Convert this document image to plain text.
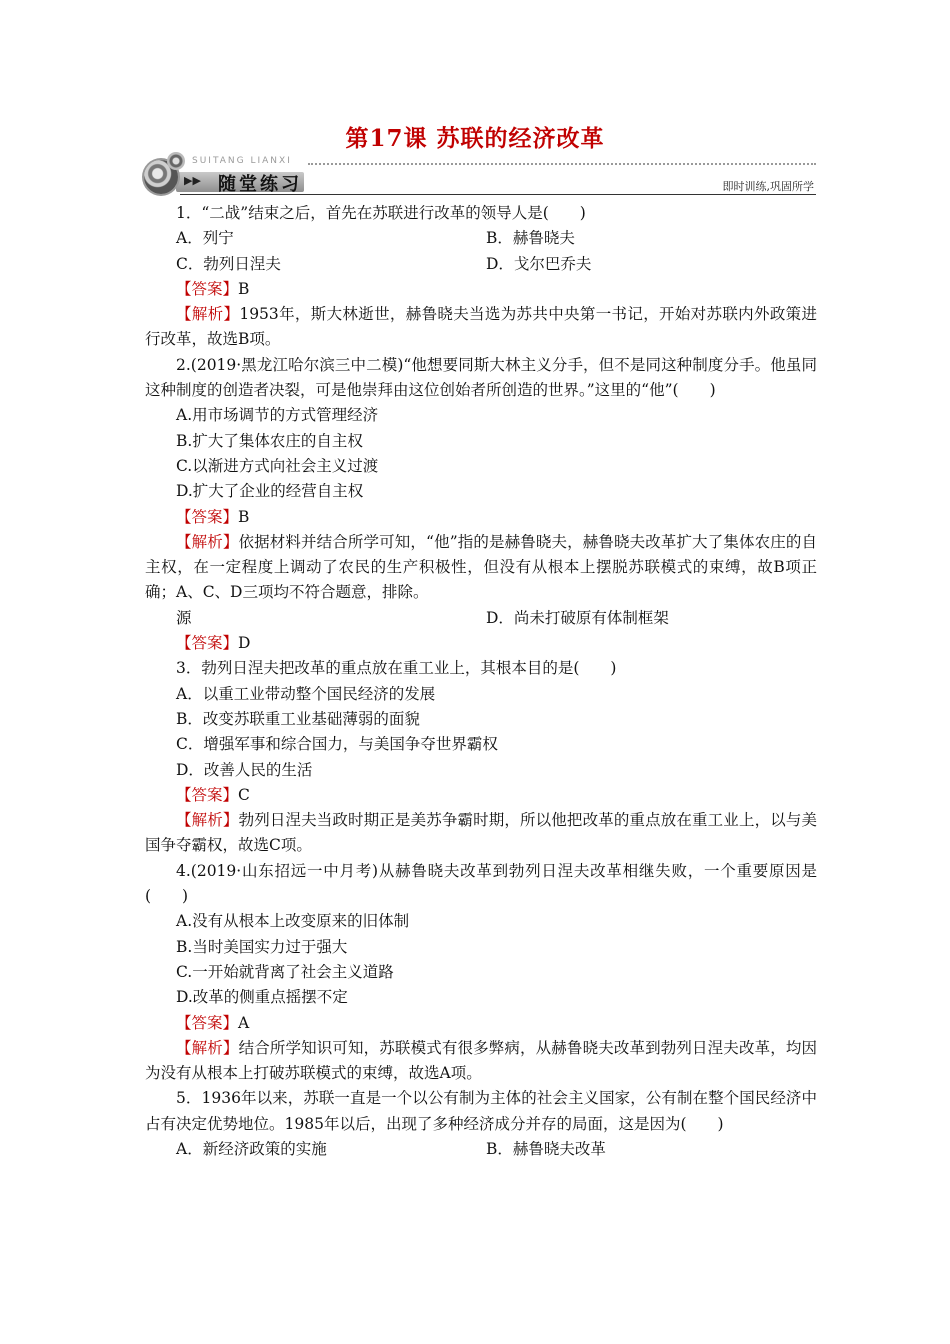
第17课 苏联的经济改革
SUITANG LIANXI
▶▶ 随堂练习	即时训练,巩固所学

1．“二战”结束之后，首先在苏联进行改革的领导人是(　　)

A．列宁	B．赫鲁晓夫
C．勃列日涅夫	D．戈尔巴乔夫

【答案】B

【解析】1953年，斯大林逝世，赫鲁晓夫当选为苏共中央第一书记，开始对苏联内外政策进行改革，故选B项。

2.(2019·黑龙江哈尔滨三中二模)“他想要同斯大林主义分手，但不是同这种制度分手。他虽同这种制度的创造者决裂，可是他崇拜由这位创始者所创造的世界。”这里的“他”(　　)

A.用市场调节的方式管理经济

B.扩大了集体农庄的自主权

C.以渐进方式向社会主义过渡

D.扩大了企业的经营自主权

【答案】B

【解析】依据材料并结合所学可知，“他”指的是赫鲁晓夫，赫鲁晓夫改革扩大了集体农庄的自主权，在一定程度上调动了农民的生产积极性，但没有从根本上摆脱苏联模式的束缚，故B项正确；A、C、D三项均不符合题意，排除。

源	D．尚未打破原有体制框架

【答案】D

3．勃列日涅夫把改革的重点放在重工业上，其根本目的是(　　)

A．以重工业带动整个国民经济的发展

B．改变苏联重工业基础薄弱的面貌

C．增强军事和综合国力，与美国争夺世界霸权

D．改善人民的生活

【答案】C

【解析】勃列日涅夫当政时期正是美苏争霸时期，所以他把改革的重点放在重工业上，以与美国争夺霸权，故选C项。

4.(2019·山东招远一中月考)从赫鲁晓夫改革到勃列日涅夫改革相继失败，一个重要原因是(　　)

A.没有从根本上改变原来的旧体制

B.当时美国实力过于强大

C.一开始就背离了社会主义道路

D.改革的侧重点摇摆不定

【答案】A

【解析】结合所学知识可知，苏联模式有很多弊病，从赫鲁晓夫改革到勃列日涅夫改革，均因为没有从根本上打破苏联模式的束缚，故选A项。

5．1936年以来，苏联一直是一个以公有制为主体的社会主义国家，公有制在整个国民经济中占有决定优势地位。1985年以后，出现了多种经济成分并存的局面，这是因为(　　)

A．新经济政策的实施	B．赫鲁晓夫改革
